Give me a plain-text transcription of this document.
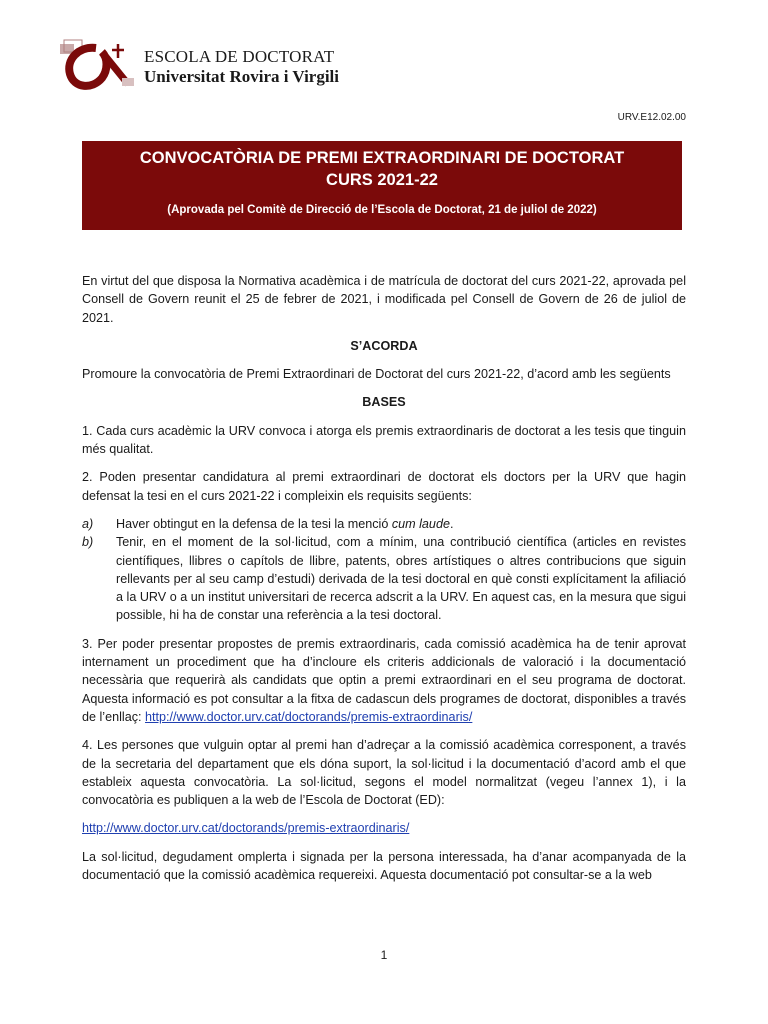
ESCOLA DE DOCTORAT
Universitat Rovira i Virgili
URV.E12.02.00
CONVOCATÒRIA DE PREMI EXTRAORDINARI DE DOCTORAT
CURS 2021-22
(Aprovada pel Comitè de Direcció de l’Escola de Doctorat, 21 de juliol de 2022)

En virtut del que disposa la Normativa acadèmica i de matrícula de doctorat del curs 2021-22, aprovada pel Consell de Govern reunit el 25 de febrer de 2021, i modificada pel Consell de Govern de 26 de juliol de 2021.

S’ACORDA

Promoure la convocatòria de Premi Extraordinari de Doctorat del curs 2021-22, d’acord amb les següents

BASES

1. Cada curs acadèmic la URV convoca i atorga els premis extraordinaris de doctorat a les tesis que tinguin més qualitat.

2. Poden presentar candidatura al premi extraordinari de doctorat els doctors per la URV que hagin defensat la tesi en el curs 2021-22 i compleixin els requisits següents:

a) Haver obtingut en la defensa de la tesi la menció cum laude.
b) Tenir, en el moment de la sol·licitud, com a mínim, una contribució científica (articles en revistes científiques, llibres o capítols de llibre, patents, obres artístiques o altres contribucions que siguin rellevants per al seu camp d’estudi) derivada de la tesi doctoral en què consti explícitament la afiliació a la URV o a un institut universitari de recerca adscrit a la URV. En aquest cas, en la mesura que sigui possible, hi ha de constar una referència a la tesi doctoral.

3. Per poder presentar propostes de premis extraordinaris, cada comissió acadèmica ha de tenir aprovat internament un procediment que ha d’incloure els criteris addicionals de valoració i la documentació necessària que requerirà als candidats que optin a premi extraordinari en el seu programa de doctorat. Aquesta informació es pot consultar a la fitxa de cadascun dels programes de doctorat, disponibles a través de l’enllaç: http://www.doctor.urv.cat/doctorands/premis-extraordinaris/

4. Les persones que vulguin optar al premi han d’adreçar a la comissió acadèmica corresponent, a través de la secretaria del departament que els dóna suport, la sol·licitud i la documentació d’acord amb el que estableix aquesta convocatòria. La sol·licitud, segons el model normalitzat (vegeu l’annex 1), i la convocatòria es publiquen a la web de l’Escola de Doctorat (ED):

http://www.doctor.urv.cat/doctorands/premis-extraordinaris/

La sol·licitud, degudament omplerta i signada per la persona interessada, ha d’anar acompanyada de la documentació que la comissió acadèmica requereixi. Aquesta documentació pot consultar-se a la web

1
